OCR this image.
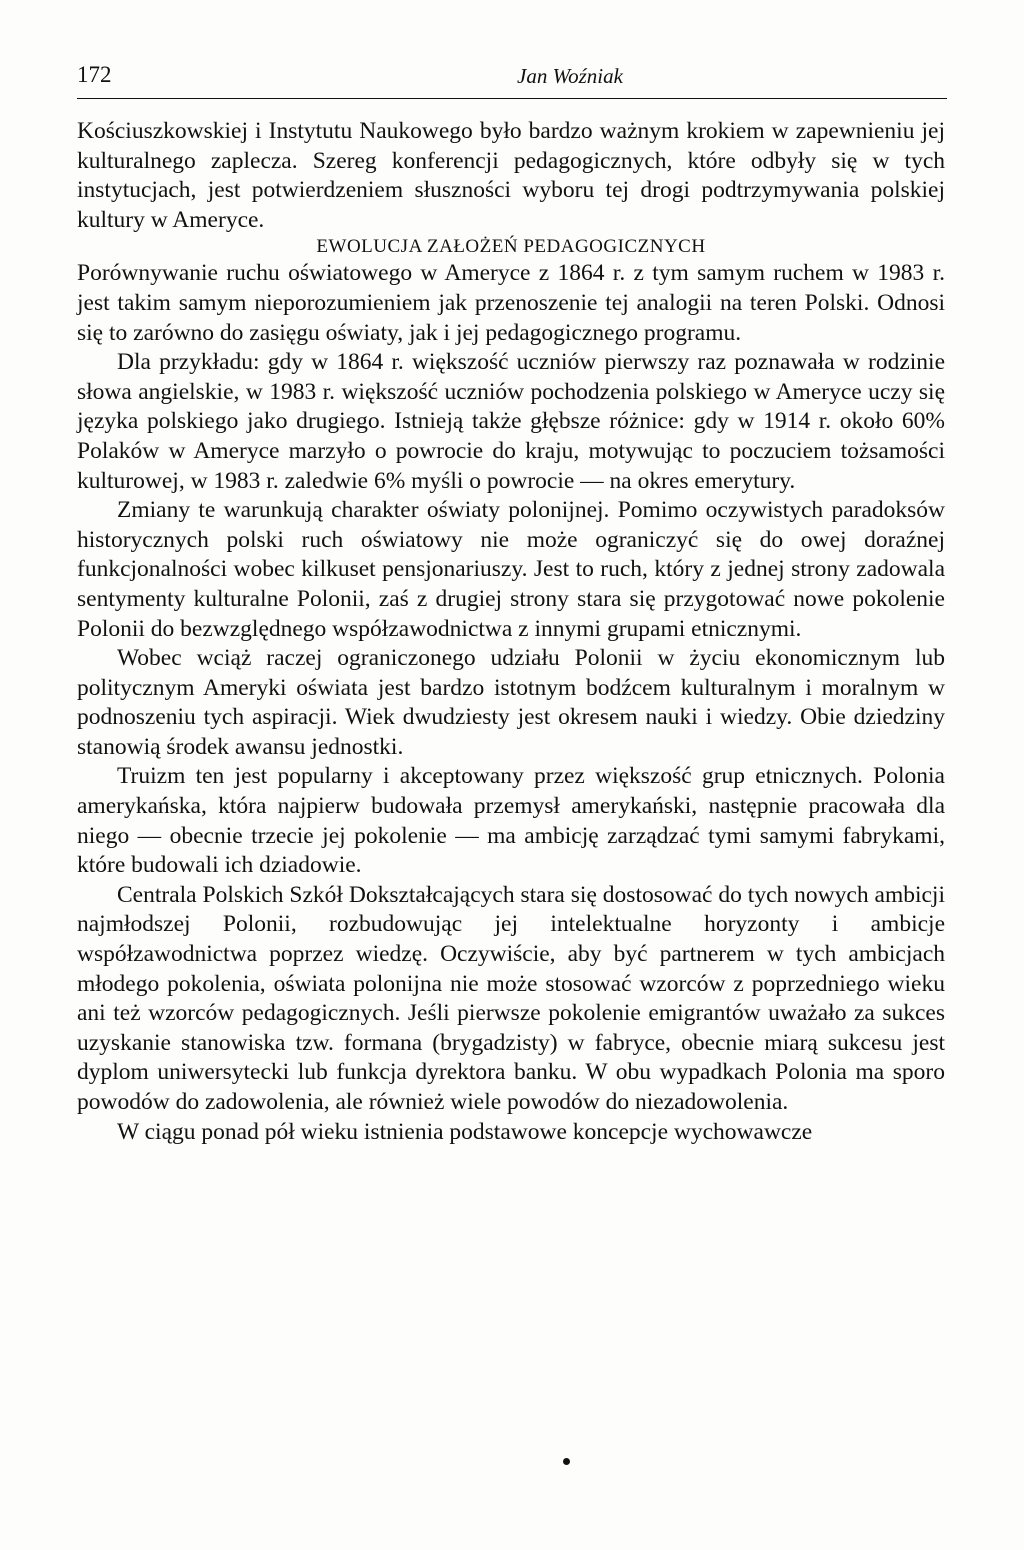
172	Jan Woźniak

Kościuszkowskiej i Instytutu Naukowego było bardzo ważnym krokiem w zapewnieniu jej kulturalnego zaplecza. Szereg konferencji pedagogicznych, które odbyły się w tych instytucjach, jest potwierdzeniem słuszności wyboru tej drogi podtrzymywania polskiej kultury w Ameryce.

EWOLUCJA ZAŁOŻEŃ PEDAGOGICZNYCH

Porównywanie ruchu oświatowego w Ameryce z 1864 r. z tym samym ruchem w 1983 r. jest takim samym nieporozumieniem jak przenoszenie tej analogii na teren Polski. Odnosi się to zarówno do zasięgu oświaty, jak i jej pedagogicznego programu.

Dla przykładu: gdy w 1864 r. większość uczniów pierwszy raz poznawała w rodzinie słowa angielskie, w 1983 r. większość uczniów pochodzenia polskiego w Ameryce uczy się języka polskiego jako drugiego. Istnieją także głębsze różnice: gdy w 1914 r. około 60% Polaków w Ameryce marzyło o powrocie do kraju, motywując to poczuciem tożsamości kulturowej, w 1983 r. zaledwie 6% myśli o powrocie — na okres emerytury.

Zmiany te warunkują charakter oświaty polonijnej. Pomimo oczywistych paradoksów historycznych polski ruch oświatowy nie może ograniczyć się do owej doraźnej funkcjonalności wobec kilkuset pensjonariuszy. Jest to ruch, który z jednej strony zadowala sentymenty kulturalne Polonii, zaś z drugiej strony stara się przygotować nowe pokolenie Polonii do bezwzględnego współzawodnictwa z innymi grupami etnicznymi.

Wobec wciąż raczej ograniczonego udziału Polonii w życiu ekonomicznym lub politycznym Ameryki oświata jest bardzo istotnym bodźcem kulturalnym i moralnym w podnoszeniu tych aspiracji. Wiek dwudziesty jest okresem nauki i wiedzy. Obie dziedziny stanowią środek awansu jednostki.

Truizm ten jest popularny i akceptowany przez większość grup etnicznych. Polonia amerykańska, która najpierw budowała przemysł amerykański, następnie pracowała dla niego — obecnie trzecie jej pokolenie — ma ambicję zarządzać tymi samymi fabrykami, które budowali ich dziadowie.

Centrala Polskich Szkół Dokształcających stara się dostosować do tych nowych ambicji najmłodszej Polonii, rozbudowując jej intelektualne horyzonty i ambicje współzawodnictwa poprzez wiedzę. Oczywiście, aby być partnerem w tych ambicjach młodego pokolenia, oświata polonijna nie może stosować wzorców z poprzedniego wieku ani też wzorców pedagogicznych. Jeśli pierwsze pokolenie emigrantów uważało za sukces uzyskanie stanowiska tzw. formana (brygadzisty) w fabryce, obecnie miarą sukcesu jest dyplom uniwersytecki lub funkcja dyrektora banku. W obu wypadkach Polonia ma sporo powodów do zadowolenia, ale również wiele powodów do niezadowolenia.

W ciągu ponad pół wieku istnienia podstawowe koncepcje wychowawcze
